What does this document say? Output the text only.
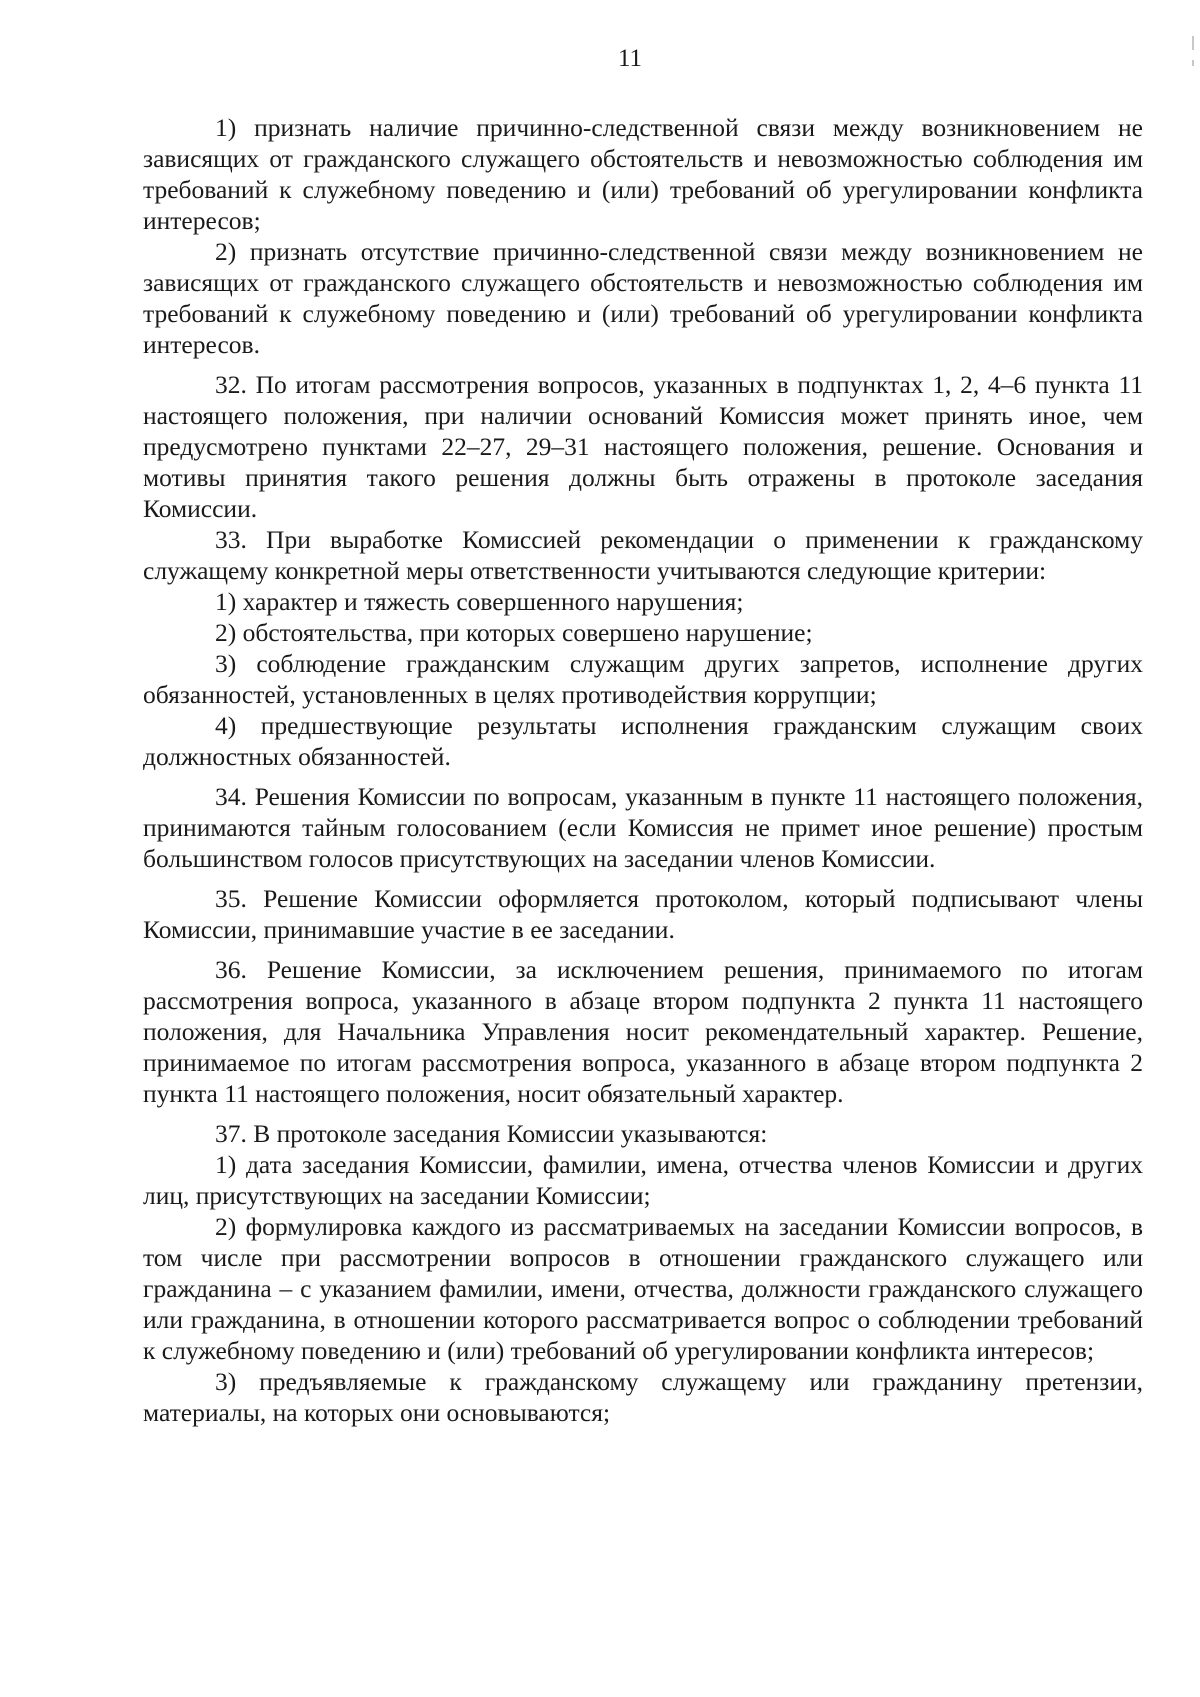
11

1) признать наличие причинно-следственной связи между возникновением не зависящих от гражданского служащего обстоятельств и невозможностью соблюдения им требований к служебному поведению и (или) требований об урегулировании конфликта интересов;

2) признать отсутствие причинно-следственной связи между возникновением не зависящих от гражданского служащего обстоятельств и невозможностью соблюдения им требований к служебному поведению и (или) требований об урегулировании конфликта интересов.

32. По итогам рассмотрения вопросов, указанных в подпунктах 1, 2, 4–6 пункта 11 настоящего положения, при наличии оснований Комиссия может принять иное, чем предусмотрено пунктами 22–27, 29–31 настоящего положения, решение. Основания и мотивы принятия такого решения должны быть отражены в протоколе заседания Комиссии.

33. При выработке Комиссией рекомендации о применении к гражданскому служащему конкретной меры ответственности учитываются следующие критерии:

1) характер и тяжесть совершенного нарушения;

2) обстоятельства, при которых совершено нарушение;

3) соблюдение гражданским служащим других запретов, исполнение других обязанностей, установленных в целях противодействия коррупции;

4) предшествующие результаты исполнения гражданским служащим своих должностных обязанностей.

34. Решения Комиссии по вопросам, указанным в пункте 11 настоящего положения, принимаются тайным голосованием (если Комиссия не примет иное решение) простым большинством голосов присутствующих на заседании членов Комиссии.

35. Решение Комиссии оформляется протоколом, который подписывают члены Комиссии, принимавшие участие в ее заседании.

36. Решение Комиссии, за исключением решения, принимаемого по итогам рассмотрения вопроса, указанного в абзаце втором подпункта 2 пункта 11 настоящего положения, для Начальника Управления носит рекомендательный характер. Решение, принимаемое по итогам рассмотрения вопроса, указанного в абзаце втором подпункта 2 пункта 11 настоящего положения, носит обязательный характер.

37. В протоколе заседания Комиссии указываются:

1) дата заседания Комиссии, фамилии, имена, отчества членов Комиссии и других лиц, присутствующих на заседании Комиссии;

2) формулировка каждого из рассматриваемых на заседании Комиссии вопросов, в том числе при рассмотрении вопросов в отношении гражданского служащего или гражданина – с указанием фамилии, имени, отчества, должности гражданского служащего или гражданина, в отношении которого рассматривается вопрос о соблюдении требований к служебному поведению и (или) требований об урегулировании конфликта интересов;

3) предъявляемые к гражданскому служащему или гражданину претензии, материалы, на которых они основываются;
